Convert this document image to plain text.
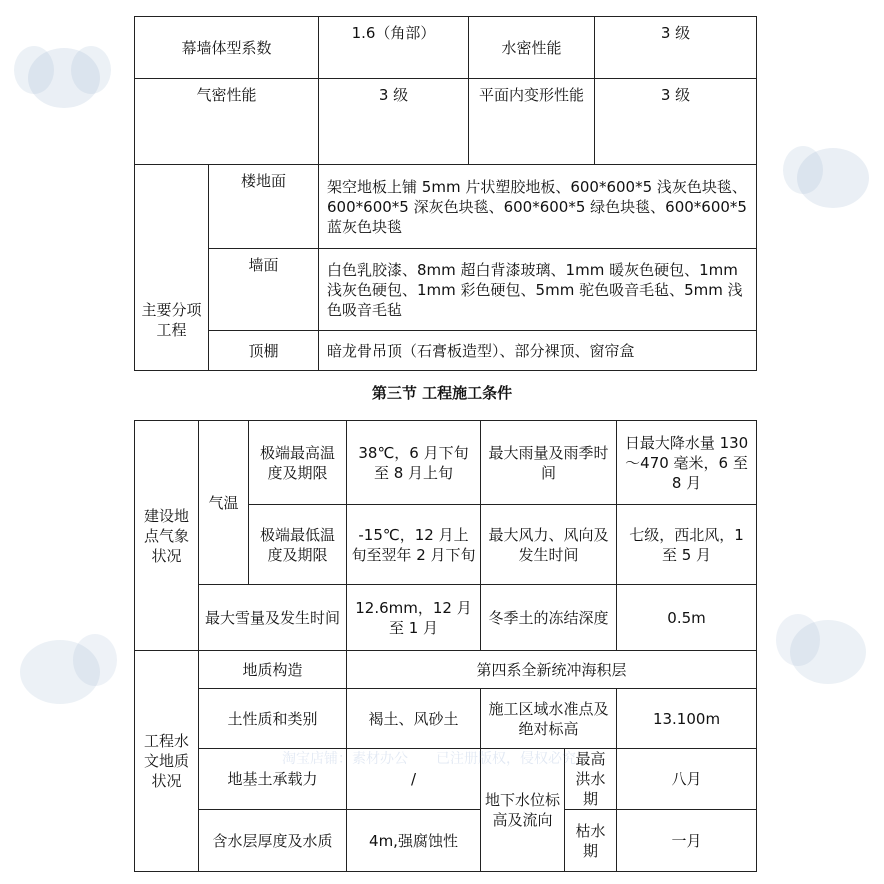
幕墙体型系数		1.6（角部）	水密性能	3 级
气密性能		3 级	平面内变形性能	3 级
主要分项工程	楼地面	架空地板上铺 5mm 片状塑胶地板、600*600*5 浅灰色块毯、600*600*5 深灰色块毯、600*600*5 绿色块毯、600*600*5 蓝灰色块毯		
	墙面	白色乳胶漆、8mm 超白背漆玻璃、1mm 暖灰色硬包、1mm 浅灰色硬包、1mm 彩色硬包、5mm 驼色吸音毛毡、5mm 浅色吸音毛毡		
	顶棚	暗龙骨吊顶（石膏板造型）、部分裸顶、窗帘盒		
第三节 工程施工条件
建设地点气象状况	气温	极端最高温度及期限	38℃，6 月下旬至 8 月上旬	最大雨量及雨季时间		日最大降水量 130～470 毫米，6 至 8 月
		极端最低温度及期限	-15℃，12 月上旬至翌年 2 月下旬	最大风力、风向及发生时间		七级，西北风，1 至 5 月
	最大雪量及发生时间		12.6mm，12 月至 1 月	冬季土的冻结深度		0.5m
工程水文地质状况	地质构造		第四系全新统冲海积层			
	土性质和类别		褐土、风砂土	施工区域水准点及绝对标高		13.100m
	地基土承载力		/	地下水位标高及流向	最高洪水期	八月

	含水层厚度及水质		4m,强腐蚀性		枯水期	一月
淘宝店铺：素材办公　　已注册版权，侵权必究
